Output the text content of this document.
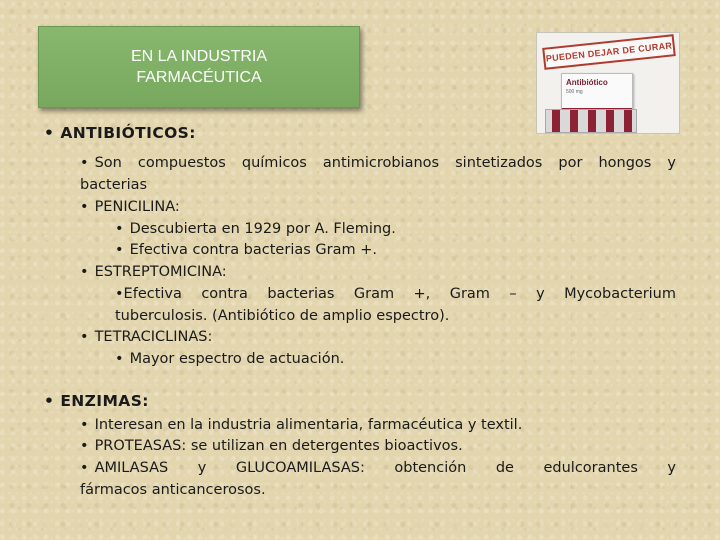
EN LA INDUSTRIA
FARMACÉUTICA
PUEDEN DEJAR DE CURAR
Antibiótico
500 mg
• ANTIBIÓTICOS:
• Son compuestos químicos antimicrobianos sintetizados por hongos y
bacterias
• PENICILINA:
• Descubierta en 1929 por A. Fleming.
• Efectiva contra bacterias Gram +.
• ESTREPTOMICINA:
•Efectiva contra bacterias Gram +, Gram – y Mycobacterium
tuberculosis. (Antibiótico de amplio espectro).
• TETRACICLINAS:
• Mayor espectro de actuación.
• ENZIMAS:
• Interesan en la industria alimentaria, farmacéutica y textil.
• PROTEASAS: se utilizan en detergentes bioactivos.
• AMILASAS y GLUCOAMILASAS: obtención de edulcorantes y
fármacos anticancerosos.
